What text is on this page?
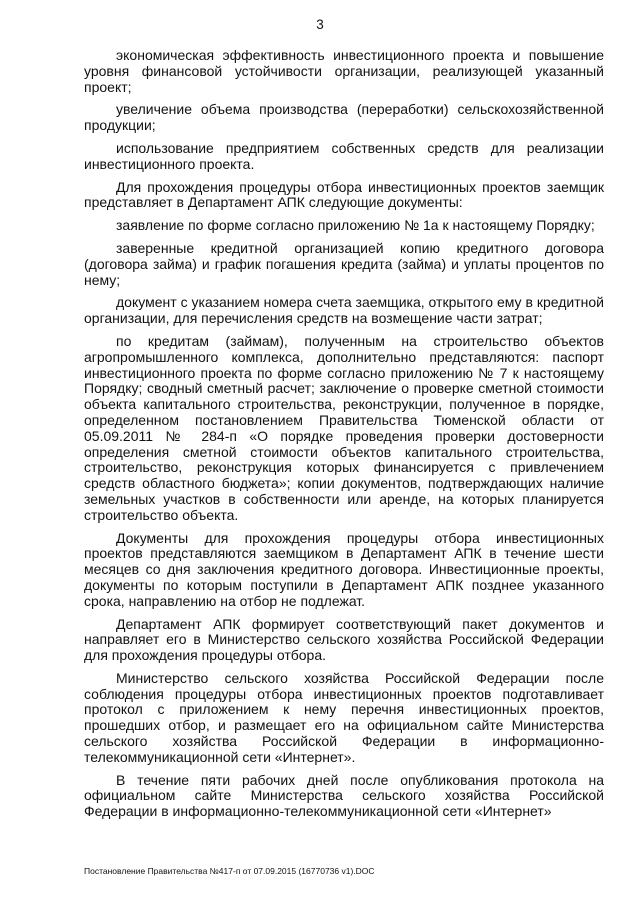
3

экономическая эффективность инвестиционного проекта и повышение уровня финансовой устойчивости организации, реализующей указанный проект;

увеличение объема производства (переработки) сельскохозяйственной продукции;

использование предприятием собственных средств для реализации инвестиционного проекта.

Для прохождения процедуры отбора инвестиционных проектов заемщик представляет в Департамент АПК следующие документы:

заявление по форме согласно приложению № 1а к настоящему Порядку;

заверенные кредитной организацией копию кредитного договора (договора займа) и график погашения кредита (займа) и уплаты процентов по нему;

документ с указанием номера счета заемщика, открытого ему в кредитной организации, для перечисления средств на возмещение части затрат;

по кредитам (займам), полученным на строительство объектов агропромышленного комплекса, дополнительно представляются: паспорт инвестиционного проекта по форме согласно приложению № 7 к настоящему Порядку; сводный сметный расчет; заключение о проверке сметной стоимости объекта капитального строительства, реконструкции, полученное в порядке, определенном постановлением Правительства Тюменской области от 05.09.2011 № 284-п «О порядке проведения проверки достоверности определения сметной стоимости объектов капитального строительства, строительство, реконструкция которых финансируется с привлечением средств областного бюджета»; копии документов, подтверждающих наличие земельных участков в собственности или аренде, на которых планируется строительство объекта.

Документы для прохождения процедуры отбора инвестиционных проектов представляются заемщиком в Департамент АПК в течение шести месяцев со дня заключения кредитного договора. Инвестиционные проекты, документы по которым поступили в Департамент АПК позднее указанного срока, направлению на отбор не подлежат.

Департамент АПК формирует соответствующий пакет документов и направляет его в Министерство сельского хозяйства Российской Федерации для прохождения процедуры отбора.

Министерство сельского хозяйства Российской Федерации после соблюдения процедуры отбора инвестиционных проектов подготавливает протокол с приложением к нему перечня инвестиционных проектов, прошедших отбор, и размещает его на официальном сайте Министерства сельского хозяйства Российской Федерации в информационно-телекоммуникационной сети «Интернет».

В течение пяти рабочих дней после опубликования протокола на официальном сайте Министерства сельского хозяйства Российской Федерации в информационно-телекоммуникационной сети «Интернет»

Постановление Правительства №417-п от 07.09.2015 (16770736 v1).DOC
